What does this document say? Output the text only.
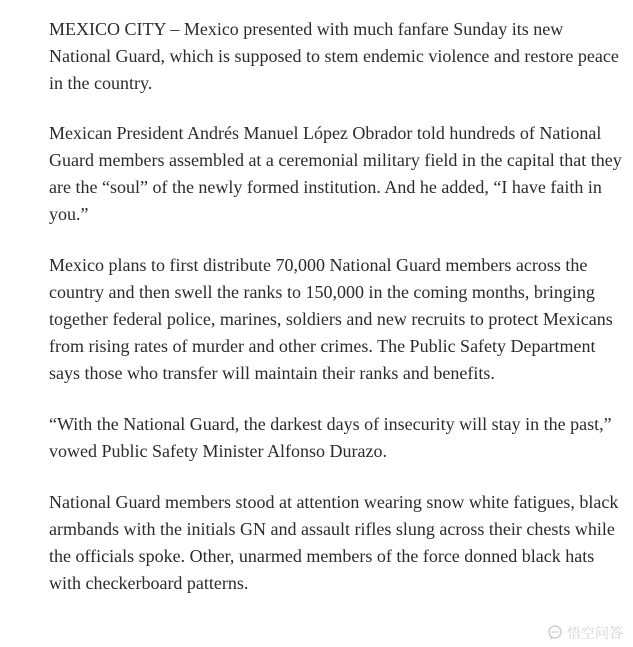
MEXICO CITY – Mexico presented with much fanfare Sunday its new National Guard, which is supposed to stem endemic violence and restore peace in the country.

Mexican President Andrés Manuel López Obrador told hundreds of National Guard members assembled at a ceremonial military field in the capital that they are the “soul” of the newly formed institution. And he added, “I have faith in you.”

Mexico plans to first distribute 70,000 National Guard members across the country and then swell the ranks to 150,000 in the coming months, bringing together federal police, marines, soldiers and new recruits to protect Mexicans from rising rates of murder and other crimes. The Public Safety Department says those who transfer will maintain their ranks and benefits.

“With the National Guard, the darkest days of insecurity will stay in the past,” vowed Public Safety Minister Alfonso Durazo.

National Guard members stood at attention wearing snow white fatigues, black armbands with the initials GN and assault rifles slung across their chests while the officials spoke. Other, unarmed members of the force donned black hats with checkerboard patterns.

悟空问答
